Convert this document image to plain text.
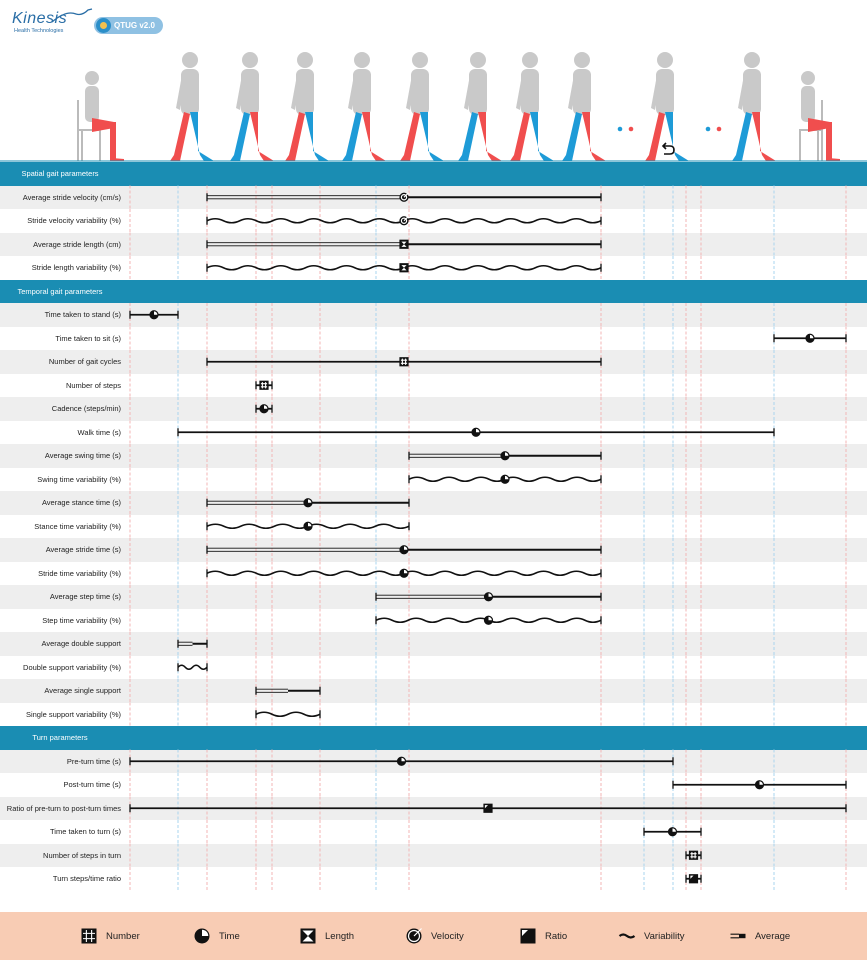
Kinesis
Health Technologies
QTUG v2.0
Spatial gait parameters
Average stride velocity (cm/s)
Stride velocity variability (%)
Average stride length (cm)
Stride length variability (%)
Temporal gait parameters
Time taken to stand (s)
Time taken to sit (s)
Number of gait cycles
Number of steps
Cadence (steps/min)
Walk time (s)
Average swing time (s)
Swing time variability (%)
Average stance time (s)
Stance time variability (%)
Average stride time (s)
Stride time variability (%)
Average step time (s)
Step time variability (%)
Average double support
Double support variability (%)
Average single support
Single support variability (%)
Turn parameters
Pre-turn time (s)
Post-turn time (s)
Ratio of pre-turn to post-turn times
Time taken to turn (s)
Number of steps in turn
Turn steps/time ratio
Number	Time	Length	Velocity	Ratio	Variability	Average
